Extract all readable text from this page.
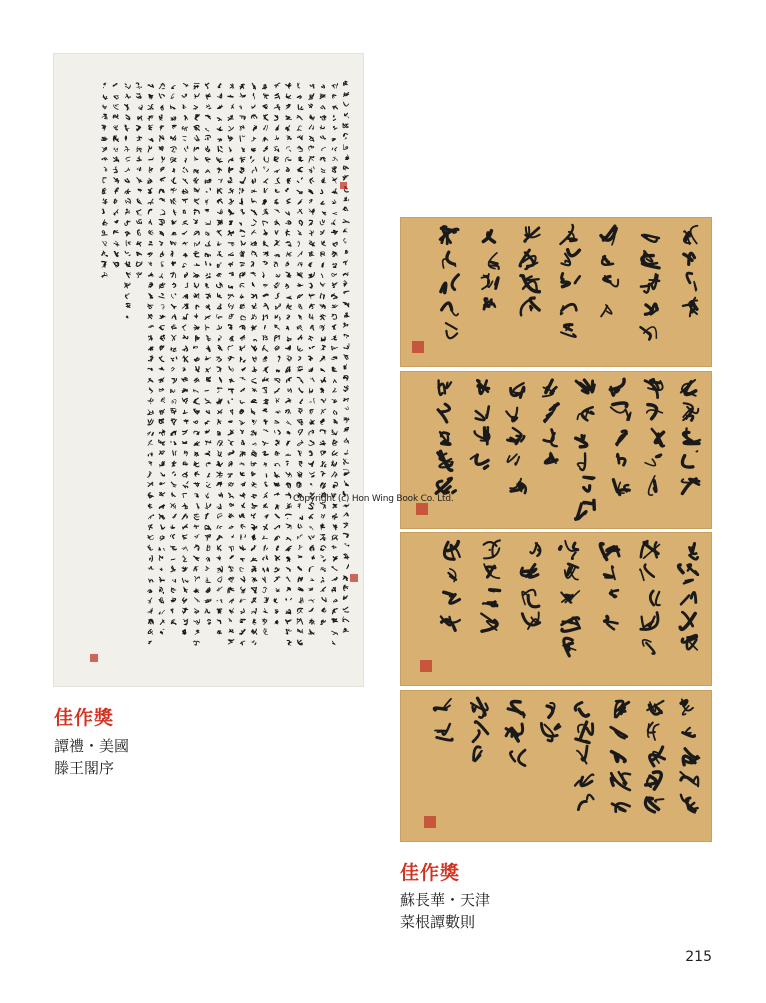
Copyright (c) Hon Wing Book Co. Ltd.

佳作獎

譚禮・美國
滕王閣序

佳作獎

蘇長華・天津
菜根譚數則
215
